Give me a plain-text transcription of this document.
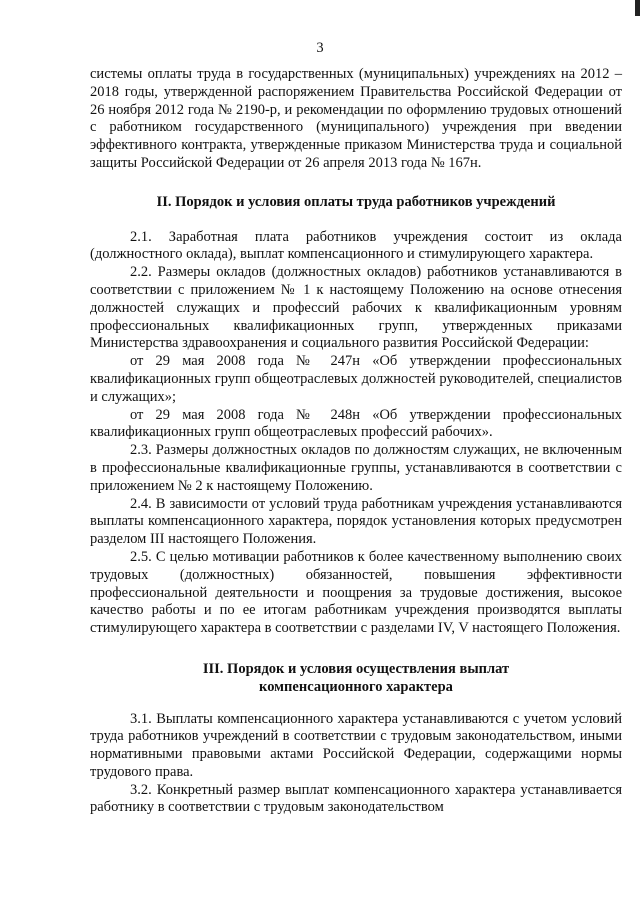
3

системы оплаты труда в государственных (муниципальных) учреждениях на 2012 – 2018 годы, утвержденной распоряжением Правительства Российской Федерации от 26 ноября 2012 года № 2190-р, и рекомендации по оформлению трудовых отношений с работником государственного (муниципального) учреждения при введении эффективного контракта, утвержденные приказом Министерства труда и социальной защиты Российской Федерации от 26 апреля 2013 года № 167н.

II. Порядок и условия оплаты труда работников учреждений

2.1. Заработная плата работников учреждения состоит из оклада (должностного оклада), выплат компенсационного и стимулирующего характера.

2.2. Размеры окладов (должностных окладов) работников устанавливаются в соответствии с приложением № 1 к настоящему Положению на основе отнесения должностей служащих и профессий рабочих к квалификационным уровням профессиональных квалификационных групп, утвержденных приказами Министерства здравоохранения и социального развития Российской Федерации:

от 29 мая 2008 года № 247н «Об утверждении профессиональных квалификационных групп общеотраслевых должностей руководителей, специалистов и служащих»;

от 29 мая 2008 года № 248н «Об утверждении профессиональных квалификационных групп общеотраслевых профессий рабочих».

2.3. Размеры должностных окладов по должностям служащих, не включенным в профессиональные квалификационные группы, устанавливаются в соответствии с приложением № 2 к настоящему Положению.

2.4. В зависимости от условий труда работникам учреждения устанавливаются выплаты компенсационного характера, порядок установления которых предусмотрен разделом III настоящего Положения.

2.5. С целью мотивации работников к более качественному выполнению своих трудовых (должностных) обязанностей, повышения эффективности профессиональной деятельности и поощрения за трудовые достижения, высокое качество работы и по ее итогам работникам учреждения производятся выплаты стимулирующего характера в соответствии с разделами IV, V настоящего Положения.

III. Порядок и условия осуществления выплат

компенсационного характера

3.1. Выплаты компенсационного характера устанавливаются с учетом условий труда работников учреждений в соответствии с трудовым законодательством, иными нормативными правовыми актами Российской Федерации, содержащими нормы трудового права.

3.2. Конкретный размер выплат компенсационного характера устанавливается работнику в соответствии с трудовым законодательством
